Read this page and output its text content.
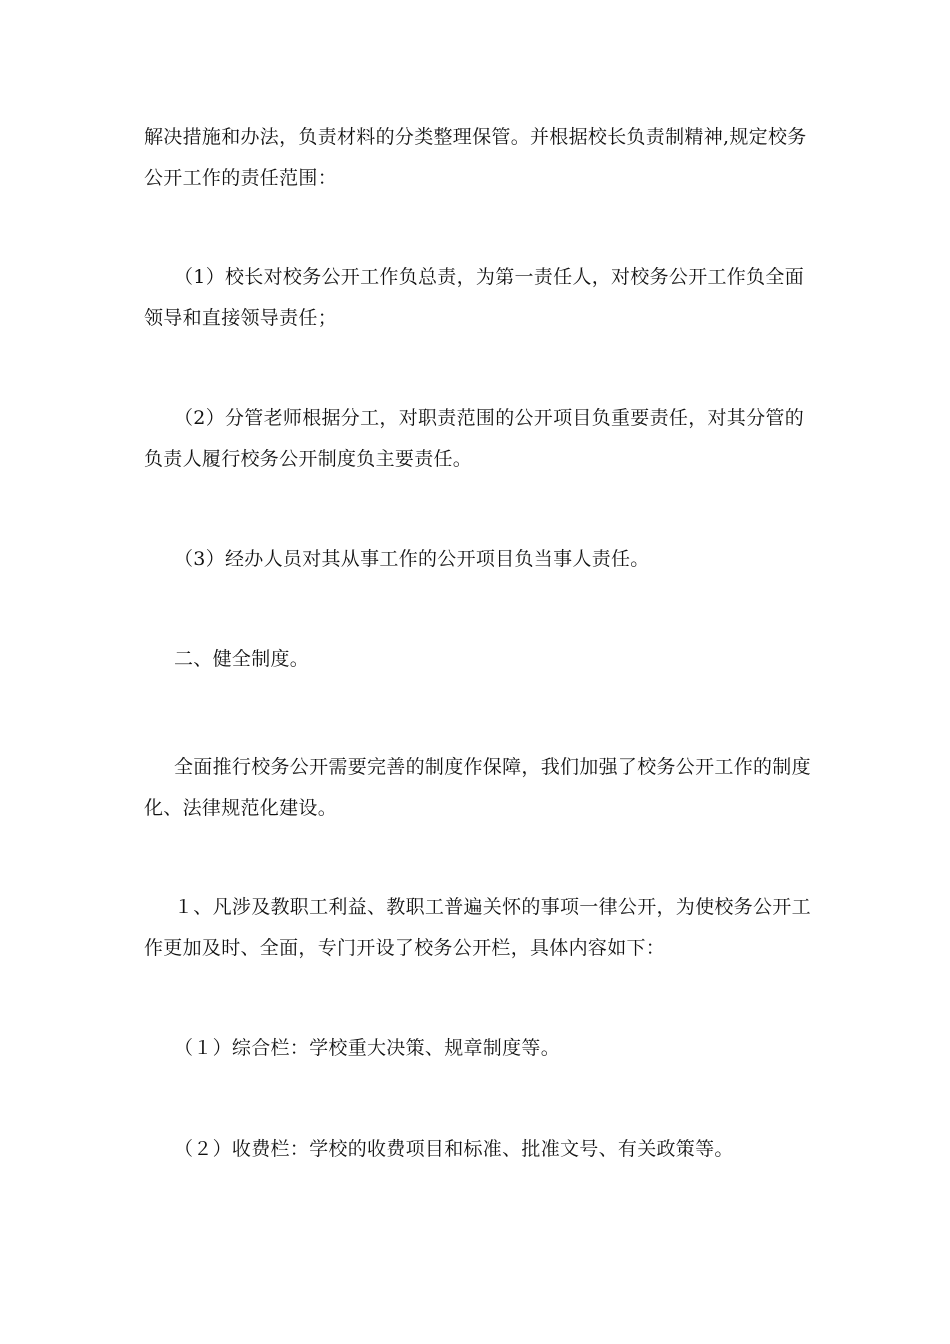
解决措施和办法，负责材料的分类整理保管。并根据校长负责制精神,规定校务公开工作的责任范围：

（1）校长对校务公开工作负总责，为第一责任人，对校务公开工作负全面领导和直接领导责任；

（2）分管老师根据分工，对职责范围的公开项目负重要责任，对其分管的负责人履行校务公开制度负主要责任。

（3）经办人员对其从事工作的公开项目负当事人责任。

二、健全制度。

全面推行校务公开需要完善的制度作保障，我们加强了校务公开工作的制度化、法律规范化建设。

１、凡涉及教职工利益、教职工普遍关怀的事项一律公开，为使校务公开工作更加及时、全面，专门开设了校务公开栏，具体内容如下：

（１）综合栏：学校重大决策、规章制度等。

（２）收费栏：学校的收费项目和标准、批准文号、有关政策等。
